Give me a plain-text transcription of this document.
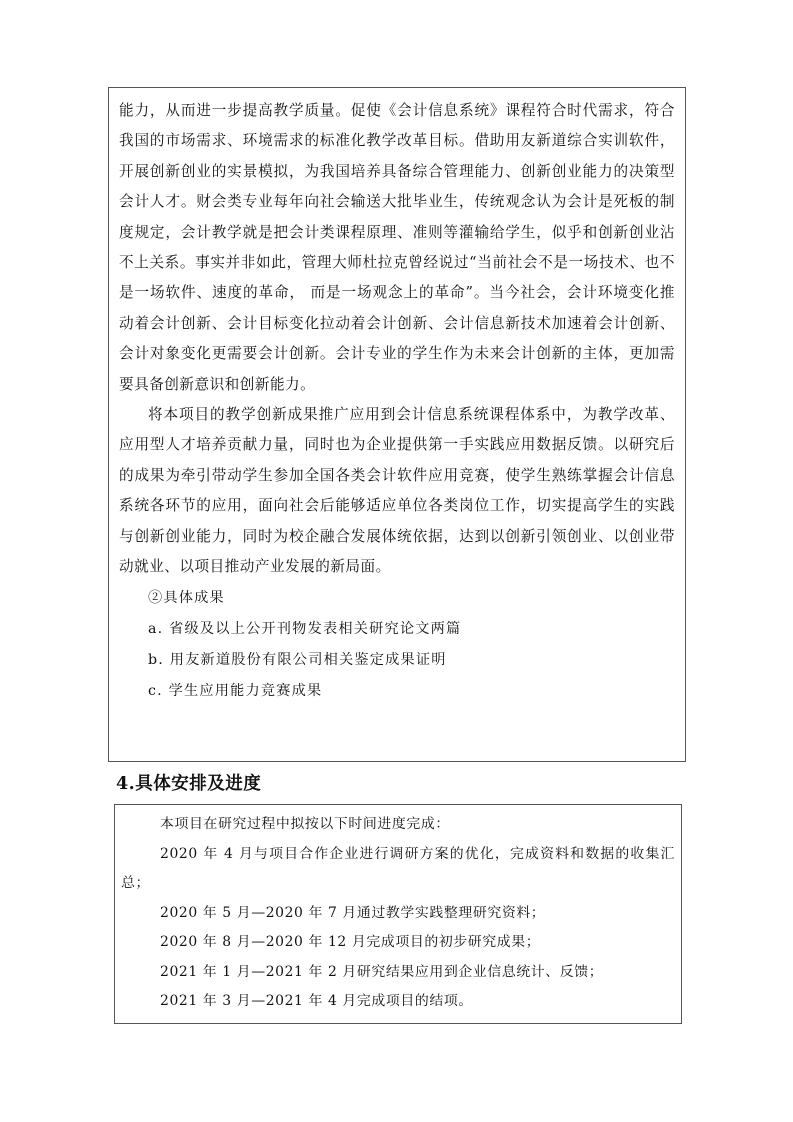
能力，从而进一步提高教学质量。促使《会计信息系统》课程符合时代需求，符合我国的市场需求、环境需求的标准化教学改革目标。借助用友新道综合实训软件，开展创新创业的实景模拟，为我国培养具备综合管理能力、创新创业能力的决策型会计人才。财会类专业每年向社会输送大批毕业生，传统观念认为会计是死板的制度规定，会计教学就是把会计类课程原理、准则等灌输给学生，似乎和创新创业沾不上关系。事实并非如此，管理大师杜拉克曾经说过“当前社会不是一场技术、也不是一场软件、速度的革命， 而是一场观念上的革命”。当今社会，会计环境变化推动着会计创新、会计目标变化拉动着会计创新、会计信息新技术加速着会计创新、会计对象变化更需要会计创新。会计专业的学生作为未来会计创新的主体，更加需要具备创新意识和创新能力。

将本项目的教学创新成果推广应用到会计信息系统课程体系中，为教学改革、应用型人才培养贡献力量，同时也为企业提供第一手实践应用数据反馈。以研究后的成果为牵引带动学生参加全国各类会计软件应用竞赛，使学生熟练掌握会计信息系统各环节的应用，面向社会后能够适应单位各类岗位工作，切实提高学生的实践与创新创业能力，同时为校企融合发展体统依据，达到以创新引领创业、以创业带动就业、以项目推动产业发展的新局面。

②具体成果

a. 省级及以上公开刊物发表相关研究论文两篇

b. 用友新道股份有限公司相关鉴定成果证明

c. 学生应用能力竞赛成果

4.具体安排及进度

本项目在研究过程中拟按以下时间进度完成：

2020 年 4 月与项目合作企业进行调研方案的优化，完成资料和数据的收集汇总；

2020 年 5 月—2020 年 7 月通过教学实践整理研究资料；

2020 年 8 月—2020 年 12 月完成项目的初步研究成果；

2021 年 1 月—2021 年 2 月研究结果应用到企业信息统计、反馈；

2021 年 3 月—2021 年 4 月完成项目的结项。
